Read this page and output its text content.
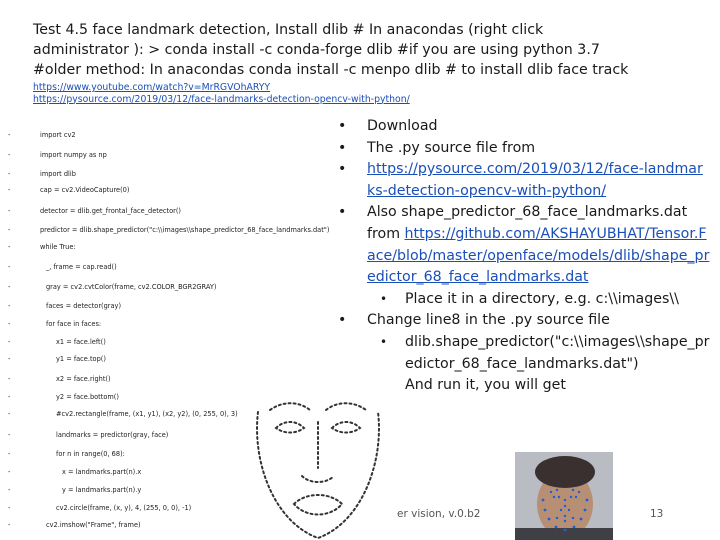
Test 4.5 face landmark detection, Install dlib # In anacondas (right click
administrator ): > conda install -c conda-forge dlib #if you are using python 3.7
#older method: In anacondas conda install -c menpo dlib # to install dlib face track
https://www.youtube.com/watch?v=MrRGVOhARYY
https://pysource.com/2019/03/12/face-landmarks-detection-opencv-with-python/
-	import cv2
-	import numpy as np
-	import dlib
-	cap = cv2.VideoCapture(0)
-	detector = dlib.get_frontal_face_detector()
-	predictor = dlib.shape_predictor("c:\\images\\shape_predictor_68_face_landmarks.dat")
-	while True:
-	_, frame = cap.read()
-	gray = cv2.cvtColor(frame, cv2.COLOR_BGR2GRAY)
-	faces = detector(gray)
-	for face in faces:
-	x1 = face.left()
-	y1 = face.top()
-	x2 = face.right()
-	y2 = face.bottom()
-	#cv2.rectangle(frame, (x1, y1), (x2, y2), (0, 255, 0), 3)
-	landmarks = predictor(gray, face)
-	for n in range(0, 68):
-	x = landmarks.part(n).x
-	y = landmarks.part(n).y
-	cv2.circle(frame, (x, y), 4, (255, 0, 0), -1)
-	cv2.imshow("Frame", frame)
• Download
• The .py source file from
• https://pysource.com/2019/03/12/face-landmarks-detection-opencv-with-python/
• Also shape_predictor_68_face_landmarks.dat from https://github.com/AKSHAYUBHAT/Tensor.Face/blob/master/openface/models/dlib/shape_predictor_68_face_landmarks.dat
• Place it in a directory, e.g. c:\\images\\
• Change line8 in the .py source file
• dlib.shape_predictor("c:\\images\\shape_predictor_68_face_landmarks.dat")
And run it, you will get
er vision, v.0.b2	13
